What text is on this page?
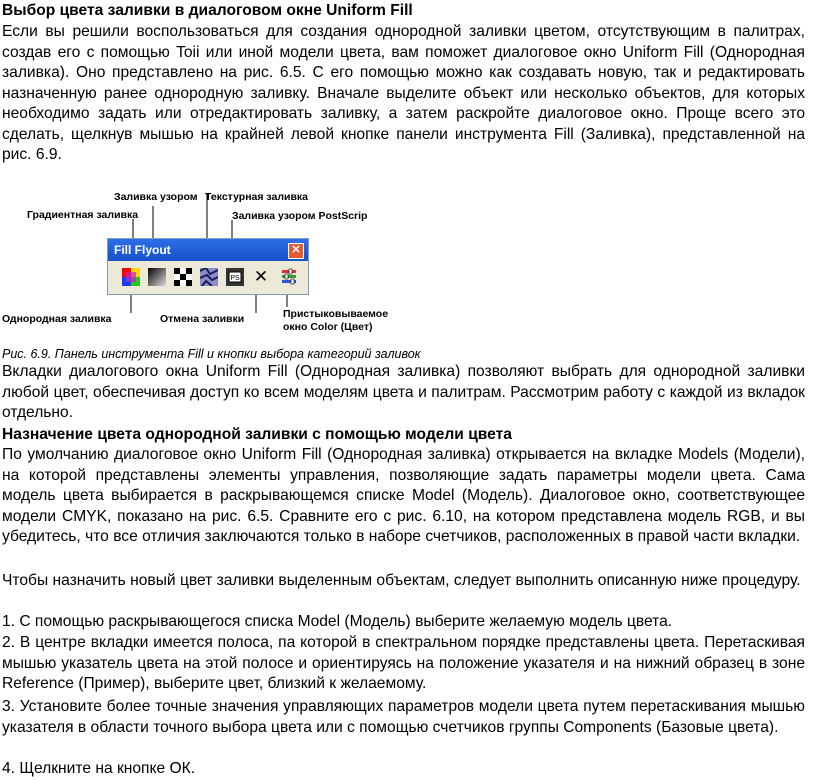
Выбор цвета заливки в диалоговом окне Uniform Fill
Если вы решили воспользоваться для создания однородной заливки цветом, отсутствующим в палитрах, создав его с помощью Toii или иной модели цвета, вам поможет диалоговое окно Uniform Fill (Однородная заливка). Оно представлено на рис. 6.5. С его помощью можно как создавать новую, так и редактировать назначенную ранее однородную заливку. Вначале выделите объект или несколько объектов, для которых необходимо задать или отредактировать заливку, а затем раскройте диалоговое окно. Проще всего это сделать, щелкнув мышью на крайней левой кнопке панели инструмента Fill (Заливка), представленной на рис. 6.9.
Заливка узором Текстурная заливка
Градиентная заливка	Заливка узором PostScrip
Однородная заливка	Отмена заливки	Пристыковываемое
окно Color (Цвет)
Fill Flyout	✕
PS ✕
Рис. 6.9. Панель инструмента Fill и кнопки выбора категорий заливок
Вкладки диалогового окна Uniform Fill (Однородная заливка) позволяют выбрать для однородной заливки любой цвет, обеспечивая доступ ко всем моделям цвета и палитрам. Рассмотрим работу с каждой из вкладок отдельно.
Назначение цвета однородной заливки с помощью модели цвета
По умолчанию диалоговое окно Uniform Fill (Однородная заливка) открывается на вкладке Models (Модели), на которой представлены элементы управления, позволяющие задать параметры модели цвета. Сама модель цвета выбирается в раскрывающемся списке Model (Модель). Диалоговое окно, соответствующее модели CMYK, показано на рис. 6.5. Сравните его с рис. 6.10, на котором представлена модель RGB, и вы убедитесь, что все отличия заключаются только в наборе счетчиков, расположенных в правой части вкладки.
Чтобы назначить новый цвет заливки выделенным объектам, следует выполнить описанную ниже процедуру.
1. С помощью раскрывающегося списка Model (Модель) выберите желаемую модель цвета.
2. В центре вкладки имеется полоса, па которой в спектральном порядке представлены цвета. Перетаскивая мышью указатель цвета на этой полосе и ориентируясь на положение указателя и на нижний образец в зоне Reference (Пример), выберите цвет, близкий к желаемому.
3. Установите более точные значения управляющих параметров модели цвета путем перетаскивания мышью указателя в области точного выбора цвета или с помощью счетчиков группы Components (Базовые цвета).
4. Щелкните на кнопке ОК.
